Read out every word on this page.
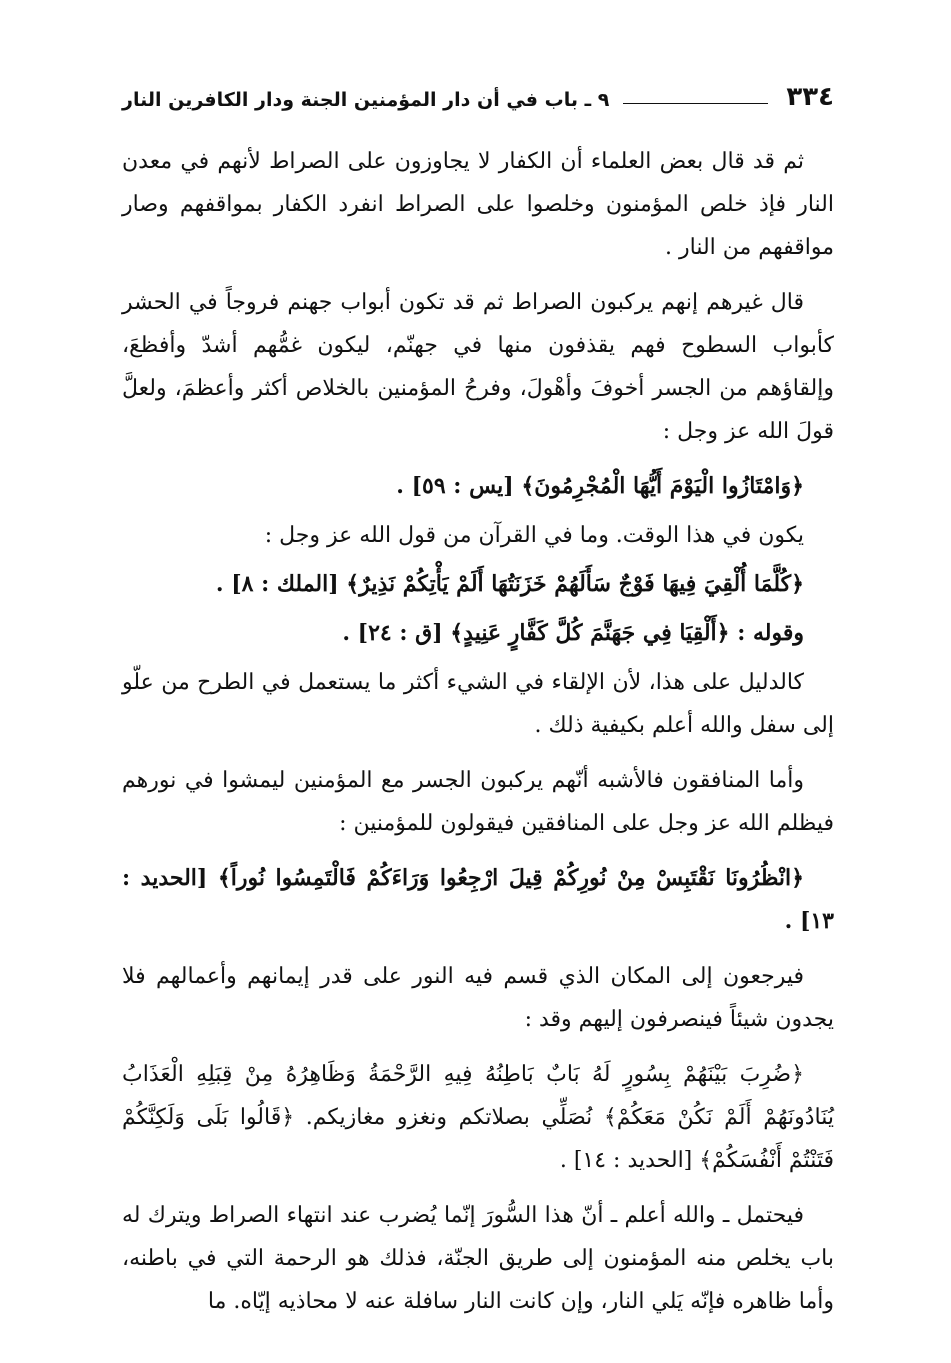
٣٣٤
٩ ـ باب في أن دار المؤمنين الجنة ودار الكافرين النار

ثم قد قال بعض العلماء أن الكفار لا يجاوزون على الصراط لأنهم في معدن النار فإذ خلص المؤمنون وخلصوا على الصراط انفرد الكفار بمواقفهم وصار مواقفهم من النار .

قال غيرهم إنهم يركبون الصراط ثم قد تكون أبواب جهنم فروجاً في الحشر كأبواب السطوح فهم يقذفون منها في جهنّم، ليكون غمُّهم أشدّ وأفظعَ، وإلقاؤهم من الجسر أخوفَ وأهْولَ، وفرحُ المؤمنين بالخلاص أكثر وأعظمَ، ولعلَّ قولَ الله عز وجل :

﴿وَامْتَازُوا الْيَوْمَ أَيُّهَا الْمُجْرِمُونَ﴾ [يس : ٥٩] .

يكون في هذا الوقت. وما في القرآن من قول الله عز وجل :

﴿كُلَّمَا أُلْقِيَ فِيهَا فَوْجٌ سَأَلَهُمْ خَزَنَتُهَا أَلَمْ يَأْتِكُمْ نَذِيرٌ﴾ [الملك : ٨] .

وقوله : ﴿أَلْقِيَا فِي جَهَنَّمَ كُلَّ كَفَّارٍ عَنِيدٍ﴾ [ق : ٢٤] .

كالدليل على هذا، لأن الإلقاء في الشيء أكثر ما يستعمل في الطرح من علّو إلى سفل والله أعلم بكيفية ذلك .

وأما المنافقون فالأشبه أنّهم يركبون الجسر مع المؤمنين ليمشوا في نورهم فيظلم الله عز وجل على المنافقين فيقولون للمؤمنين :

﴿انْظُرُونَا نَقْتَبِسْ مِنْ نُورِكُمْ قِيلَ ارْجِعُوا وَرَاءَكُمْ فَالْتَمِسُوا نُوراً﴾ [الحديد : ١٣] .

فيرجعون إلى المكان الذي قسم فيه النور على قدر إيمانهم وأعمالهم فلا يجدون شيئاً فينصرفون إليهم وقد :

﴿ضُرِبَ بَيْنَهُمْ بِسُورٍ لَهُ بَابٌ بَاطِنُهُ فِيهِ الرَّحْمَةُ وَظَاهِرُهُ مِنْ قِبَلِهِ الْعَذَابُ يُنَادُونَهُمْ أَلَمْ نَكُنْ مَعَكُمْ﴾ نُصَلِّي بصلاتكم ونغزو مغازيكم. ﴿قَالُوا بَلَى وَلَكِنَّكُمْ فَتَنْتُمْ أَنْفُسَكُمْ﴾ [الحديد : ١٤] .

فيحتمل ـ والله أعلم ـ أنّ هذا السُّورَ إنّما يُضرب عند انتهاء الصراط ويترك له باب يخلص منه المؤمنون إلى طريق الجنّة، فذلك هو الرحمة التي في باطنه، وأما ظاهره فإنّه يَلي النار، وإن كانت النار سافلة عنه لا محاذيه إيّاه. ما
